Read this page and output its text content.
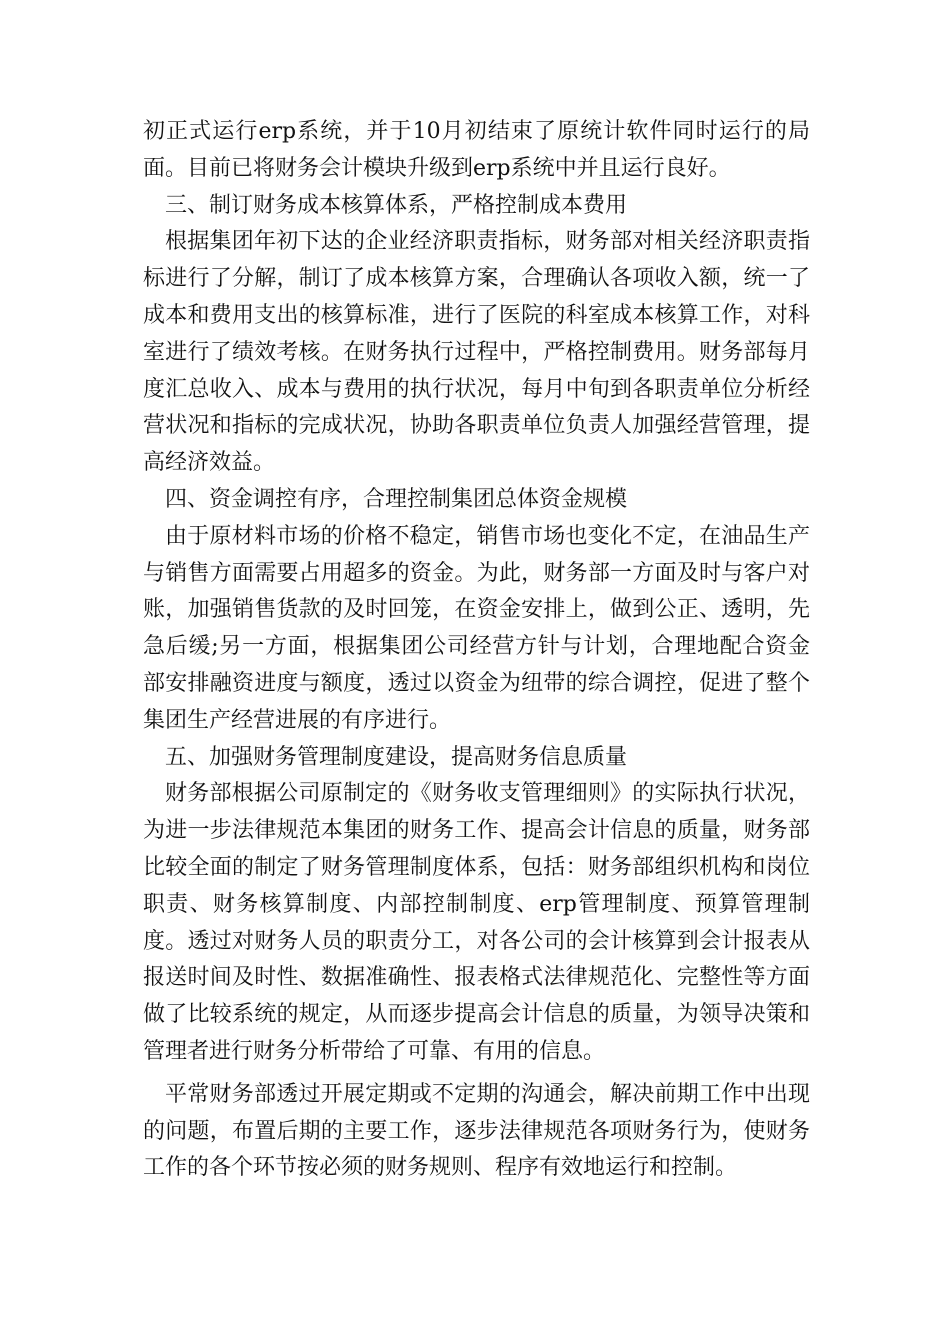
初正式运行erp系统，并于10月初结束了原统计软件同时运行的局面。目前已将财务会计模块升级到erp系统中并且运行良好。

三、制订财务成本核算体系，严格控制成本费用

根据集团年初下达的企业经济职责指标，财务部对相关经济职责指标进行了分解，制订了成本核算方案，合理确认各项收入额，统一了成本和费用支出的核算标准，进行了医院的科室成本核算工作，对科室进行了绩效考核。在财务执行过程中，严格控制费用。财务部每月度汇总收入、成本与费用的执行状况，每月中旬到各职责单位分析经营状况和指标的完成状况，协助各职责单位负责人加强经营管理，提高经济效益。

四、资金调控有序，合理控制集团总体资金规模

由于原材料市场的价格不稳定，销售市场也变化不定，在油品生产与销售方面需要占用超多的资金。为此，财务部一方面及时与客户对账，加强销售货款的及时回笼，在资金安排上，做到公正、透明，先急后缓;另一方面，根据集团公司经营方针与计划，合理地配合资金部安排融资进度与额度，透过以资金为纽带的综合调控，促进了整个集团生产经营进展的有序进行。

五、加强财务管理制度建设，提高财务信息质量

财务部根据公司原制定的《财务收支管理细则》的实际执行状况，为进一步法律规范本集团的财务工作、提高会计信息的质量，财务部比较全面的制定了财务管理制度体系，包括：财务部组织机构和岗位职责、财务核算制度、内部控制制度、erp管理制度、预算管理制度。透过对财务人员的职责分工，对各公司的会计核算到会计报表从报送时间及时性、数据准确性、报表格式法律规范化、完整性等方面做了比较系统的规定，从而逐步提高会计信息的质量，为领导决策和管理者进行财务分析带给了可靠、有用的信息。

平常财务部透过开展定期或不定期的沟通会，解决前期工作中出现的问题，布置后期的主要工作，逐步法律规范各项财务行为，使财务工作的各个环节按必须的财务规则、程序有效地运行和控制。
